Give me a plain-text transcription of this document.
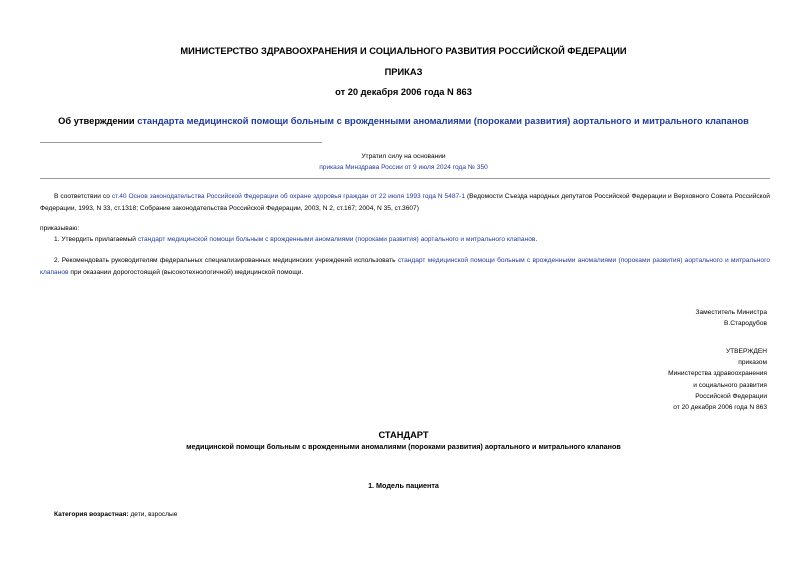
МИНИСТЕРСТВО ЗДРАВООХРАНЕНИЯ И СОЦИАЛЬНОГО РАЗВИТИЯ РОССИЙСКОЙ ФЕДЕРАЦИИ
ПРИКАЗ
от 20 декабря 2006 года N 863
Об утверждении стандарта медицинской помощи больным с врожденными аномалиями (пороками развития) аортального и митрального клапанов
Утратил силу на основании
приказа Минздрава России от 9 июля 2024 года № 350
В соответствии со ст.40 Основ законодательства Российской Федерации об охране здоровья граждан от 22 июля 1993 года N 5487-1 (Ведомости Съезда народных депутатов Российской Федерации и Верховного Совета Российской Федерации, 1993, N 33, ст.1318; Собрание законодательства Российской Федерации, 2003, N 2, ст.167; 2004, N 35, ст.3607)
приказываю:
1. Утвердить прилагаемый стандарт медицинской помощи больным с врожденными аномалиями (пороками развития) аортального и митрального клапанов.
2. Рекомендовать руководителям федеральных специализированных медицинских учреждений использовать стандарт медицинской помощи больным с врожденными аномалиями (пороками развития) аортального и митрального клапанов при оказании дорогостоящей (высокотехнологичной) медицинской помощи.
Заместитель Министра
В.Стародубов
УТВЕРЖДЕН
приказом
Министерства здравоохранения
и социального развития
Российской Федерации
от 20 декабря 2006 года N 863
СТАНДАРТ
медицинской помощи больным с врожденными аномалиями (пороками развития) аортального и митрального клапанов
1. Модель пациента
Категория возрастная: дети, взрослые
